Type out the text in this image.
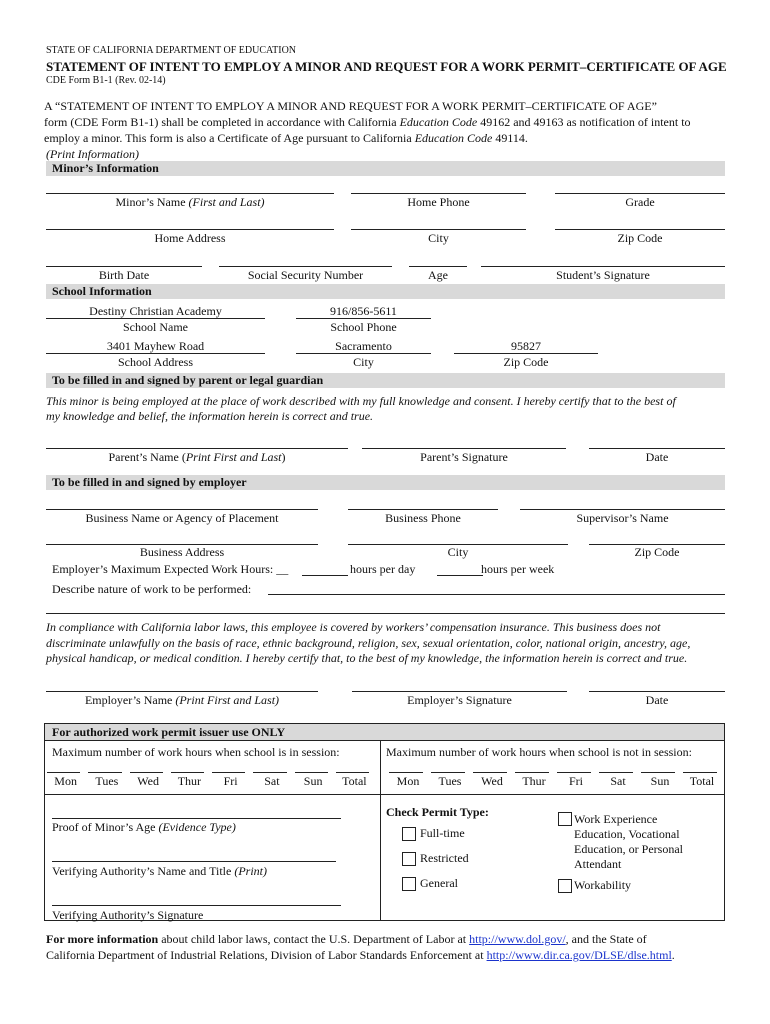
STATE OF CALIFORNIA DEPARTMENT OF EDUCATION
STATEMENT OF INTENT TO EMPLOY A MINOR AND REQUEST FOR A WORK PERMIT–CERTIFICATE OF AGE
CDE Form B1-1 (Rev. 02-14)
A “STATEMENT OF INTENT TO EMPLOY A MINOR AND REQUEST FOR A WORK PERMIT–CERTIFICATE OF AGE”
form (CDE Form B1-1) shall be completed in accordance with California Education Code 49162 and 49163 as notification of intent to
employ a minor. This form is also a Certificate of Age pursuant to California Education Code 49114.
(Print Information)
Minor’s Information
Minor’s Name (First and Last)	Home Phone	Grade
Home Address	City	Zip Code
Birth Date	Social Security Number	Age	Student’s Signature
School Information
Destiny Christian Academy
School Name
916/856-5611
School Phone
3401 Mayhew Road
School Address
Sacramento
City
95827
Zip Code
To be filled in and signed by parent or legal guardian
This minor is being employed at the place of work described with my full knowledge and consent. I hereby certify that to the best of
my knowledge and belief, the information herein is correct and true.
Parent’s Name (Print First and Last)	Parent’s Signature	Date
To be filled in and signed by employer
Business Name or Agency of Placement	Business Phone	Supervisor’s Name
Business Address	City	Zip Code
Employer’s Maximum Expected Work Hours: __	hours per day	hours per week
Describe nature of work to be performed:
In compliance with California labor laws, this employee is covered by workers’ compensation insurance. This business does not
discriminate unlawfully on the basis of race, ethnic background, religion, sex, sexual orientation, color, national origin, ancestry, age,
physical handicap, or medical condition. I hereby certify that, to the best of my knowledge, the information herein is correct and true.
Employer’s Name (Print First and Last)	Employer’s Signature	Date
For authorized work permit issuer use ONLY
Maximum number of work hours when school is in session:	Maximum number of work hours when school is not in session:
Mon	Tues	Wed	Thur	Fri	Sat	Sun	Total	Mon	Tues	Wed	Thur	Fri	Sat	Sun	Total
Proof of Minor’s Age (Evidence Type)
Verifying Authority’s Name and Title (Print)
Verifying Authority’s Signature
Check Permit Type:
Full-time
Restricted
General
Work Experience
Education, Vocational
Education, or Personal
Attendant
Workability
For more information about child labor laws, contact the U.S. Department of Labor at http://www.dol.gov/, and the State of
California Department of Industrial Relations, Division of Labor Standards Enforcement at http://www.dir.ca.gov/DLSE/dlse.html.
